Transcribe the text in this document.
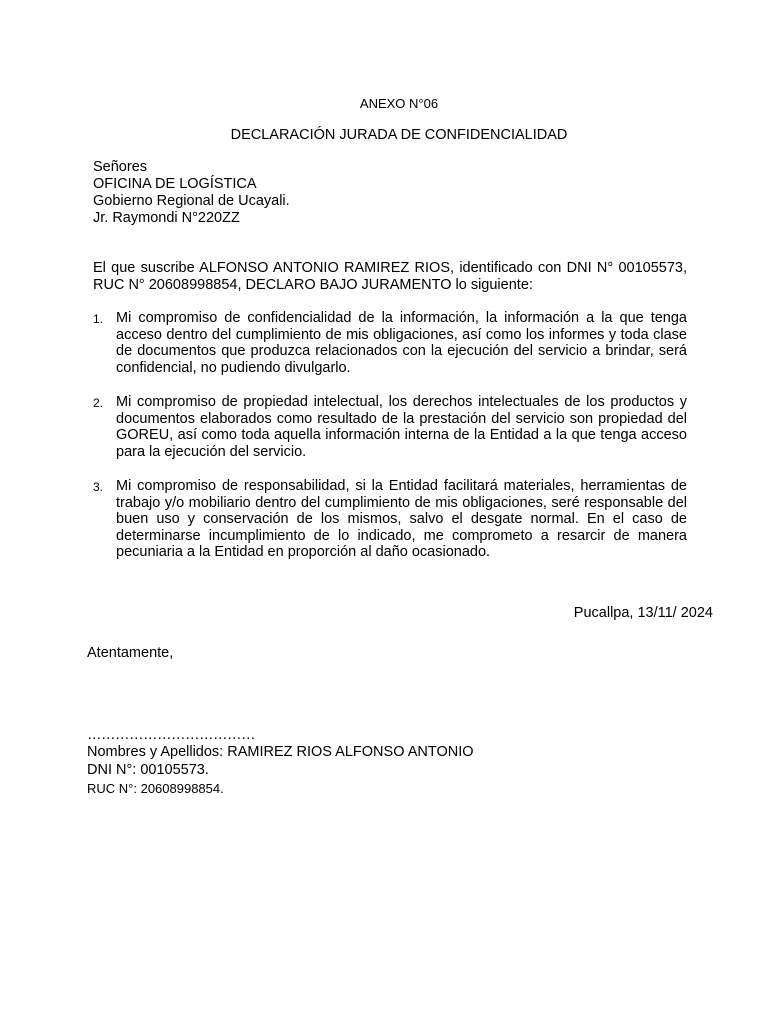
ANEXO N°06
DECLARACIÓN JURADA DE CONFIDENCIALIDAD
Señores
OFICINA DE LOGÍSTICA
Gobierno Regional de Ucayali.
Jr. Raymondi N°220ZZ
El que suscribe ALFONSO ANTONIO RAMIREZ RIOS, identificado con DNI N° 00105573, RUC N° 20608998854, DECLARO BAJO JURAMENTO lo siguiente:
1. Mi compromiso de confidencialidad de la información, la información a la que tenga acceso dentro del cumplimiento de mis obligaciones, así como los informes y toda clase de documentos que produzca relacionados con la ejecución del servicio a brindar, será confidencial, no pudiendo divulgarlo.
2. Mi compromiso de propiedad intelectual, los derechos intelectuales de los productos y documentos elaborados como resultado de la prestación del servicio son propiedad del GOREU, así como toda aquella información interna de la Entidad a la que tenga acceso para la ejecución del servicio.
3. Mi compromiso de responsabilidad, si la Entidad facilitará materiales, herramientas de trabajo y/o mobiliario dentro del cumplimiento de mis obligaciones, seré responsable del buen uso y conservación de los mismos, salvo el desgate normal. En el caso de determinarse incumplimiento de lo indicado, me comprometo a resarcir de manera pecuniaria a la Entidad en proporción al daño ocasionado.
Pucallpa, 13/11/ 2024
Atentamente,
………………………………
Nombres y Apellidos: RAMIREZ RIOS ALFONSO ANTONIO
DNI N°: 00105573.
RUC N°: 20608998854.
